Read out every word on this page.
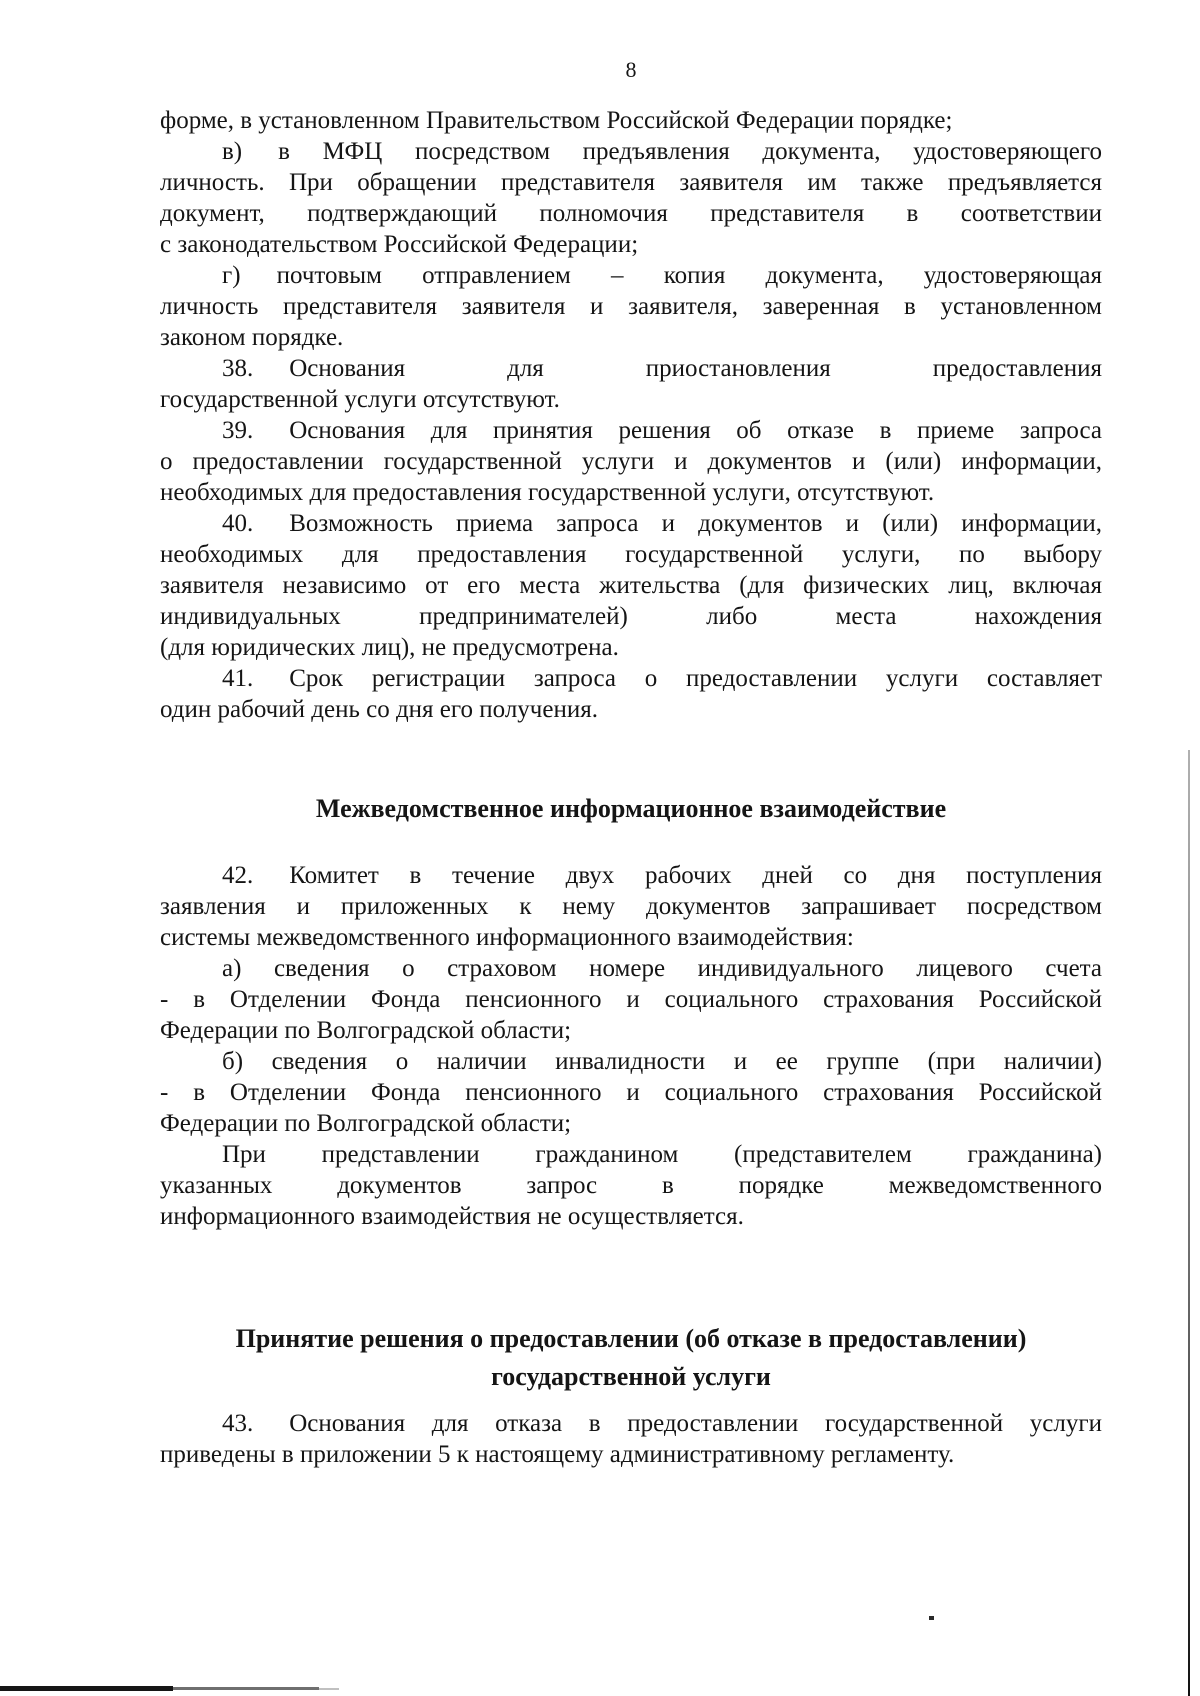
8
форме, в установленном Правительством Российской Федерации порядке;
в) в МФЦ посредством предъявления документа, удостоверяющего
личность. При обращении представителя заявителя им также предъявляется
документ, подтверждающий полномочия представителя в соответствии
с законодательством Российской Федерации;
г) почтовым отправлением – копия документа, удостоверяющая
личность представителя заявителя и заявителя, заверенная в установленном
законом порядке.
38. Основания для приостановления предоставления
государственной услуги отсутствуют.
39. Основания для принятия решения об отказе в приеме запроса
о предоставлении государственной услуги и документов и (или) информации,
необходимых для предоставления государственной услуги, отсутствуют.
40. Возможность приема запроса и документов и (или) информации,
необходимых для предоставления государственной услуги, по выбору
заявителя независимо от его места жительства (для физических лиц, включая
индивидуальных предпринимателей) либо места нахождения
(для юридических лиц), не предусмотрена.
41. Срок регистрации запроса о предоставлении услуги составляет
один рабочий день со дня его получения.
Межведомственное информационное взаимодействие
42. Комитет в течение двух рабочих дней со дня поступления
заявления и приложенных к нему документов запрашивает посредством
системы межведомственного информационного взаимодействия:
а) сведения о страховом номере индивидуального лицевого счета
- в Отделении Фонда пенсионного и социального страхования Российской
Федерации по Волгоградской области;
б) сведения о наличии инвалидности и ее группе (при наличии)
- в Отделении Фонда пенсионного и социального страхования Российской
Федерации по Волгоградской области;
При представлении гражданином (представителем гражданина)
указанных документов запрос в порядке межведомственного
информационного взаимодействия не осуществляется.
Принятие решения о предоставлении (об отказе в предоставлении)
государственной услуги
43. Основания для отказа в предоставлении государственной услуги
приведены в приложении 5 к настоящему административному регламенту.
